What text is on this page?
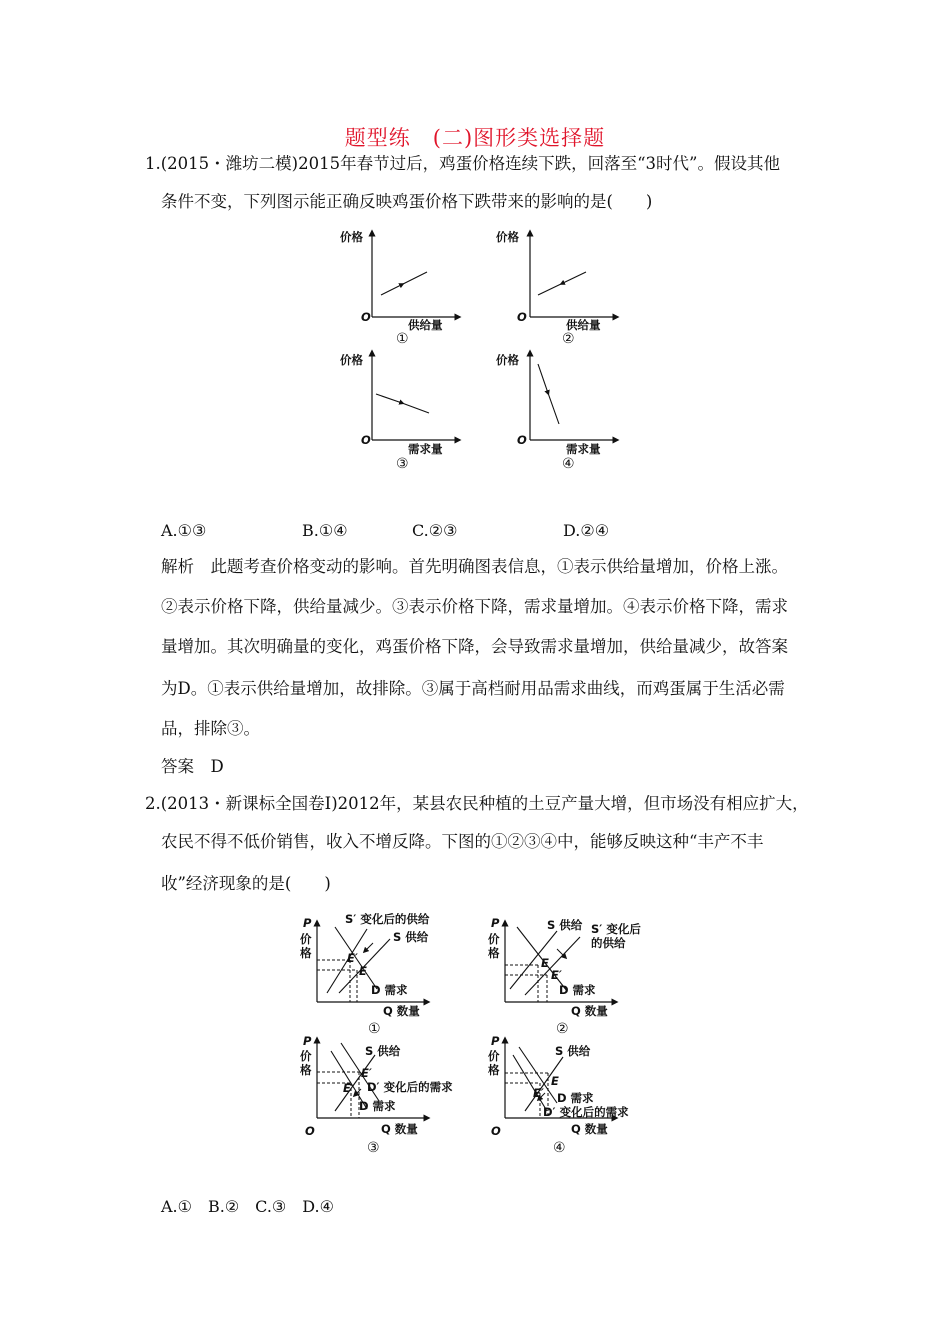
题型练　(二)图形类选择题
1.(2015・潍坊二模)2015年春节过后，鸡蛋价格连续下跌，回落至“3时代”。假设其他
条件不变，下列图示能正确反映鸡蛋价格下跌带来的影响的是(　　)
价格
O
供给量
①
价格
O
供给量
②
价格
O
需求量
③
价格
O
需求量
④
A.①③	B.①④	C.②③	D.②④
解析　此题考查价格变动的影响。首先明确图表信息，①表示供给量增加，价格上涨。
②表示价格下降，供给量减少。③表示价格下降，需求量增加。④表示价格下降，需求
量增加。其次明确量的变化，鸡蛋价格下降，会导致需求量增加，供给量减少，故答案
为D。①表示供给量增加，故排除。③属于高档耐用品需求曲线，而鸡蛋属于生活必需
品，排除③。
答案　D
2.(2013・新课标全国卷Ⅰ)2012年，某县农民种植的土豆产量大增，但市场没有相应扩大，
农民不得不低价销售，收入不增反降。下图的①②③④中，能够反映这种“丰产不丰
收”经济现象的是(　　)
P
价
格
S′ 变化后的供给
S 供给
E′
E
D 需求
Q 数量
①
P
价
格
S 供给 S′ 变化后
的供给
E
E′
D 需求
Q 数量
②
P
价
格
S 供给
E′
E D′ 变化后的需求
D 需求
O	Q 数量
③
P
价
格
S 供给
E
E′ D 需求
D′ 变化后的需求
O	Q 数量
④
A.①　B.②　C.③　D.④
